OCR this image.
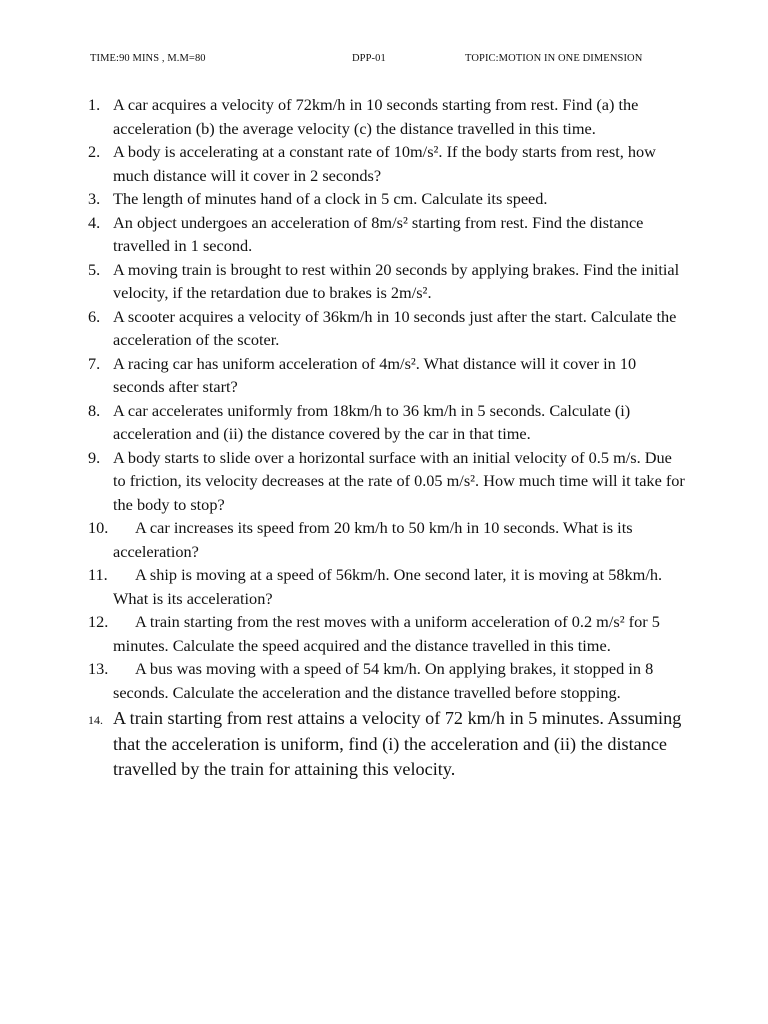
TIME:90 MINS , M.M=80	DPP-01	TOPIC:MOTION IN ONE DIMENSION
1. A car acquires a velocity of 72km/h in 10 seconds starting from rest. Find (a) the acceleration (b) the average velocity (c) the distance travelled in this time.
2. A body is accelerating at a constant rate of 10m/s². If the body starts from rest, how much distance will it cover in 2 seconds?
3. The length of minutes hand of a clock in 5 cm. Calculate its speed.
4. An object undergoes an acceleration of 8m/s² starting from rest. Find the distance travelled in 1 second.
5. A moving train is brought to rest within 20 seconds by applying brakes. Find the initial velocity, if the retardation due to brakes is 2m/s².
6. A scooter acquires a velocity of 36km/h in 10 seconds just after the start. Calculate the acceleration of the scoter.
7. A racing car has uniform acceleration of 4m/s². What distance will it cover in 10 seconds after start?
8. A car accelerates uniformly from 18km/h to 36 km/h in 5 seconds. Calculate (i) acceleration and (ii) the distance covered by the car in that time.
9. A body starts to slide over a horizontal surface with an initial velocity of 0.5 m/s. Due to friction, its velocity decreases at the rate of 0.05 m/s². How much time will it take for the body to stop?
10.	A car increases its speed from 20 km/h to 50 km/h in 10 seconds. What is its acceleration?
11.	A ship is moving at a speed of 56km/h. One second later, it is moving at 58km/h. What is its acceleration?
12.	A train starting from the rest moves with a uniform acceleration of 0.2 m/s² for 5 minutes. Calculate the speed acquired and the distance travelled in this time.
13.	A bus was moving with a speed of 54 km/h. On applying brakes, it stopped in 8 seconds. Calculate the acceleration and the distance travelled before stopping.
14. A train starting from rest attains a velocity of 72 km/h in 5 minutes. Assuming that the acceleration is uniform, find (i) the acceleration and (ii) the distance travelled by the train for attaining this velocity.
